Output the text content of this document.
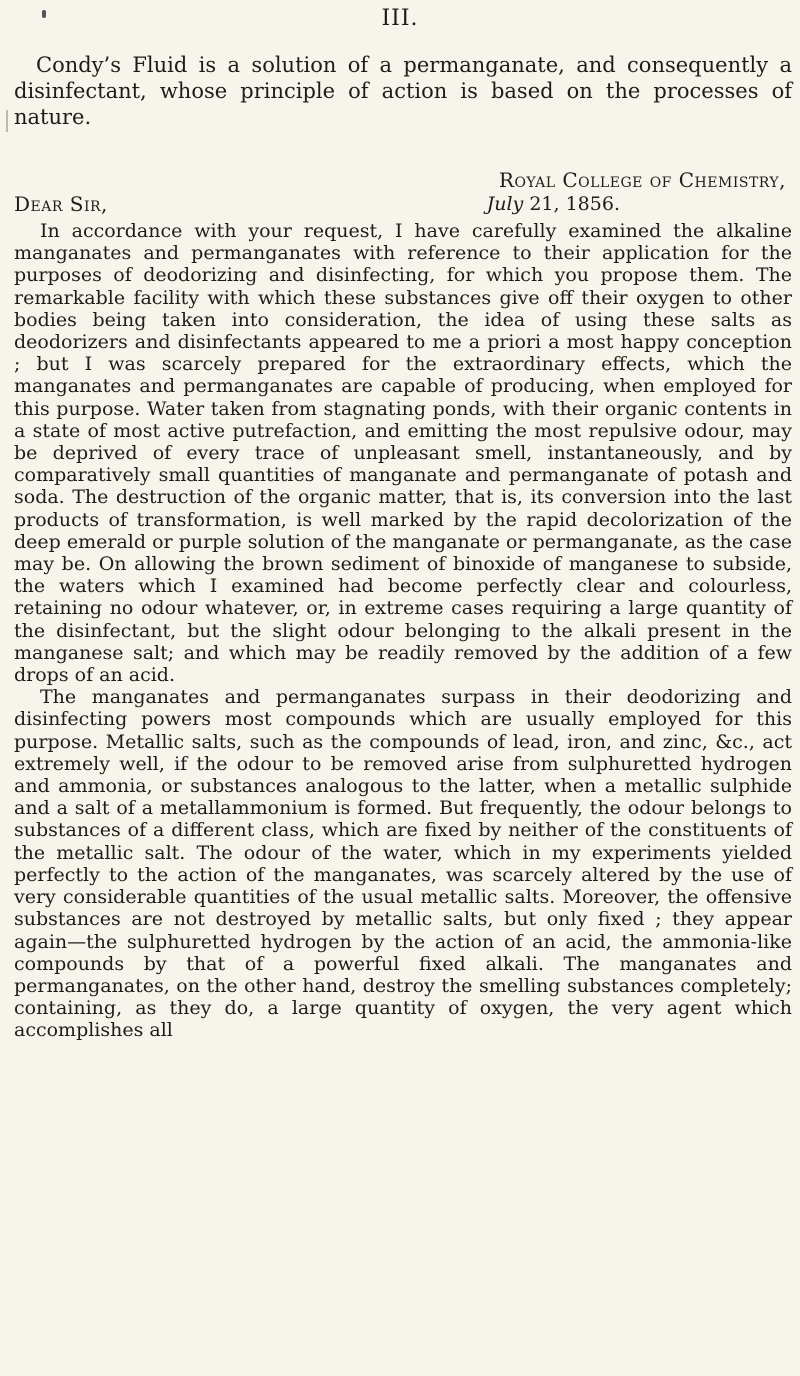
III.

Condy’s Fluid is a solution of a permanganate, and consequently a disinfectant, whose principle of action is based on the processes of nature.

Royal College of Chemistry,
Dear Sir,	July 21, 1856.

In accordance with your request, I have carefully examined the alkaline manganates and permanganates with reference to their application for the purposes of deodorizing and disinfecting, for which you propose them. The remarkable facility with which these substances give off their oxygen to other bodies being taken into consideration, the idea of using these salts as deodorizers and disinfectants appeared to me a priori a most happy conception ; but I was scarcely prepared for the extraordinary effects, which the manganates and permanganates are capable of producing, when employed for this purpose. Water taken from stagnating ponds, with their organic contents in a state of most active putrefaction, and emitting the most repulsive odour, may be deprived of every trace of unpleasant smell, instantaneously, and by comparatively small quantities of manganate and permanganate of potash and soda. The destruction of the organic matter, that is, its conversion into the last products of transformation, is well marked by the rapid decolorization of the deep emerald or purple solution of the manganate or permanganate, as the case may be. On allowing the brown sediment of binoxide of manganese to subside, the waters which I examined had become perfectly clear and colourless, retaining no odour whatever, or, in extreme cases requiring a large quantity of the disinfectant, but the slight odour belonging to the alkali present in the manganese salt; and which may be readily removed by the addition of a few drops of an acid.

The manganates and permanganates surpass in their deodorizing and disinfecting powers most compounds which are usually employed for this purpose. Metallic salts, such as the compounds of lead, iron, and zinc, &c., act extremely well, if the odour to be removed arise from sulphuretted hydrogen and ammonia, or substances analogous to the latter, when a metallic sulphide and a salt of a metallammonium is formed. But frequently, the odour belongs to substances of a different class, which are fixed by neither of the constituents of the metallic salt. The odour of the water, which in my experiments yielded perfectly to the action of the manganates, was scarcely altered by the use of very considerable quantities of the usual metallic salts. Moreover, the offensive substances are not destroyed by metallic salts, but only fixed ; they appear again—the sulphuretted hydrogen by the action of an acid, the ammonia-like compounds by that of a powerful fixed alkali. The manganates and permanganates, on the other hand, destroy the smelling substances completely; containing, as they do, a large quantity of oxygen, the very agent which accomplishes all
